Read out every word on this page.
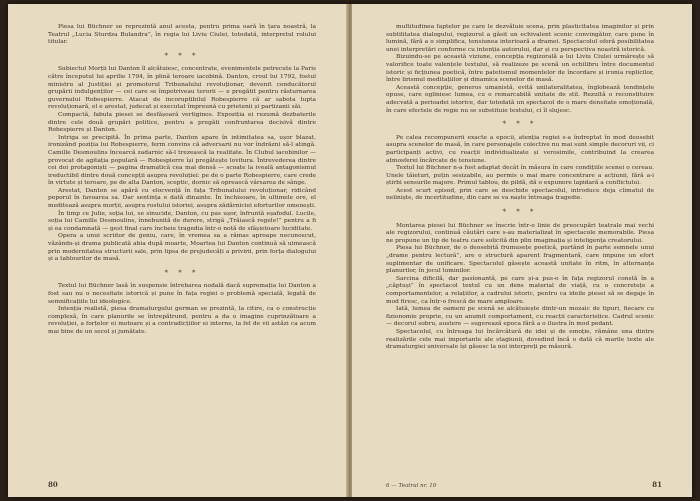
Piesa lui Büchner se reprezintă anul acesta, pentru prima oară în țara noastră, la Teatrul „Lucia Sturdza Bulandra”, în regia lui Liviu Ciulei, totodată, interpretul rolului titular.

* * *

Subiectul Morții lui Danton îl alcătuiesc, concentrate, evenimentele petrecute la Paris către începutul lui aprilie 1794, în plină teroare iacobină. Danton, croul lui 1792, fostul ministru al Justiției și promotorul Tribunalului revoluționar, devenit conducătorul grupării indulgenților — cei care se împotriveau terorii — e pregătit pentru răsturnarea guvernului Robespierre. Atacat de incoruptibilul Robespierre că ar sabota lupta revoluționară, el e arestat, judecat și executat împreună cu prietenii și partizanii săi.

Compactă, fabula piesei se desfășoară vertiginos. Expoziția ei rezumă dezbaterile dintre cele două grupări politice, pentru a pregăti confruntarea decisivă dintre Robespierre și Danton.

Intriga se precipită. În prima parte, Danton apare în intimitatea sa, ușor blazat, ironizând poziția lui Robespierre, ferm convins că adversarii nu vor îndrăzni să-l atingă. Camille Desmoulins încearcă zadarnic să-l trezească la realitate. În Clubul iacobinilor — provocat de agitația populară — Robespierre își pregătește lovitura. Întrevederea dintre cei doi protagoniști — pagina dramatică cea mai densă — scoate la iveală antagonismul ireductibil dintre două concepții asupra revoluției: pe de o parte Robespierre, care crede în virtute și teroare, pe de alta Danton, sceptic, dornic să oprească vărsarea de sânge.

Arestat, Danton se apără cu elocvență în fața Tribunalului revoluționar, ridicând poporul în favoarea sa. Dar sentința e dată dinainte. În închisoare, în ultimele ore, el meditează asupra morții, asupra rostului istoriei, asupra zădărniciei eforturilor omenești.

În timp ce Julie, soția lui, se sinucide, Danton, cu pas ușor, înfruntă eșafodul. Lucile, soția lui Camille Desmoulins, înnebunită de durere, strigă „Trăiască regele!” pentru a fi și ea condamnată — gest final care încheie tragedia într-o notă de sfâșietoare luciditate.

Opera a unui scriitor de geniu, care, în vremea sa a rămas aproape necunoscut, văzându-și drama publicată abia după moarte, Moartea lui Danton continuă să uimească prin modernitatea structurii sale, prin lipsa de prejudecăți a privirii, prin forța dialogului și a tablourilor de masă.

* * *

Textul lui Büchner lasă în suspensie întrebarea nodală dacă supremația lui Danton a fost sau nu o necesitate istorică și pune în fața regiei o problemă specială, legată de semnificațiile lui ideologice.

Intenția realistă, piesa dramaturgului german se prezintă, la citire, ca o construcție complexă, în care planurile se întrepătrund, pentru a da o imagine cuprinzătoare a revoluției, a forțelor ei motoare și a contradicțiilor ei interne, la fel de vii astăzi ca acum mai bine de un secol și jumătate.

80

multitudinea faptelor pe care le dezvăluie scena, prin plasticitatea imaginilor și prin subtilitatea dialogului, regizorul a găsit un echivalent scenic convingător, care pune în lumină, fără a o simplifica, tensiunea interioară a dramei. Spectacolul oferă posibilitatea unei interpretări conforme cu intenția autorului, dar și cu perspectiva noastră istorică.

Bizuindu-se pe această viziune, concepția regizorală a lui Liviu Ciulei urmărește să valorifice toate valențele textului, să realizeze pe scenă un echilibru între documentul istoric și ficțiunea poetică, între patetismul momentelor de încordare și ironia replicilor, între lirismul meditațiilor și dinamica scenelor de masă.

Această concepție, generos umanistă, evită unilateralitatea, înglobează tendințele opuse, care ogliniesc lumea, cu o remarcabilă unitate de stil. Rezultă o reconstituire adecvată a perioadei istorice, dar totodată un spectacol de o mare densitate emoțională, în care efectele de regie nu se substituie textului, ci îl slujesc.

* * *

Pe calea recompunerii exacte a epocii, atenția regiei s-a îndreptat în mod deosebit asupra scenelor de masă, în care personajele colective nu mai sunt simple decoruri vii, ci participanți activi, cu reacții individualizate și verosimile, contribuind la crearea atmosferei încărcate de tensiune.

Textul lui Büchner n-a fost adaptat decât în măsura în care condițiile scenei o cereau. Unele tăieturi, puțin sesizabile, au permis o mai mare concentrare a acțiunii, fără a-i știrbi sensurile majore. Primul tablou, de pildă, dă o expunere lapidară a conflictului.

Acest scurt episod, prin care se deschide spectacolul, introduce deja climatul de neliniște, de incertitudine, din care se va naște întreaga tragedie.

* * *

Montarea piesei lui Büchner se înscrie într-o linie de preocupări teatrale mai vechi ale regizorului, continuă căutări care s-au materializat în spectacole memorabile. Piesa ne propune un tip de teatru care solicită din plin imaginația și inteligența creatorului.

Piesa lui Büchner, de o deosebită frumusețe poetică, purtând în parte semnele unui „drame pentru lectură”, are o structură aparent fragmentară, care impune un efort suplimentar de unificare. Spectacolul găsește această unitate în ritm, în alternanța planurilor, în jocul luminilor.

Sarcina dificilă, dar pasionantă, pe care și-a pus-o în fața regizorul constă în a „căptuși” în spectacol textul cu un dens material de viață, cu o concretețe a comportamentelor, a relațiilor, a cadrului istoric, pentru ca ideile piesei să se degaje în mod firesc, ca într-o frescă de mare amploare.

Iată, lumea de oameni pe scenă se alcătuiește dintr-un mozaic de tipuri, fiecare cu fizionomie proprie, cu un anumit comportament, cu reacții caracteristice. Cadrul scenic — decorul sobru, austere — sugerează epoca fără a o ilustra în mod pedant.

Spectacolul, cu întreaga lui încărcătură de idei și de emoție, rămâne una dintre realizările cele mai importante ale stagiunii, dovedind încă o dată că marile texte ale dramaturgiei universale își găsesc la noi interpreți pe măsură.

6 — Teatrul nr. 10	81
